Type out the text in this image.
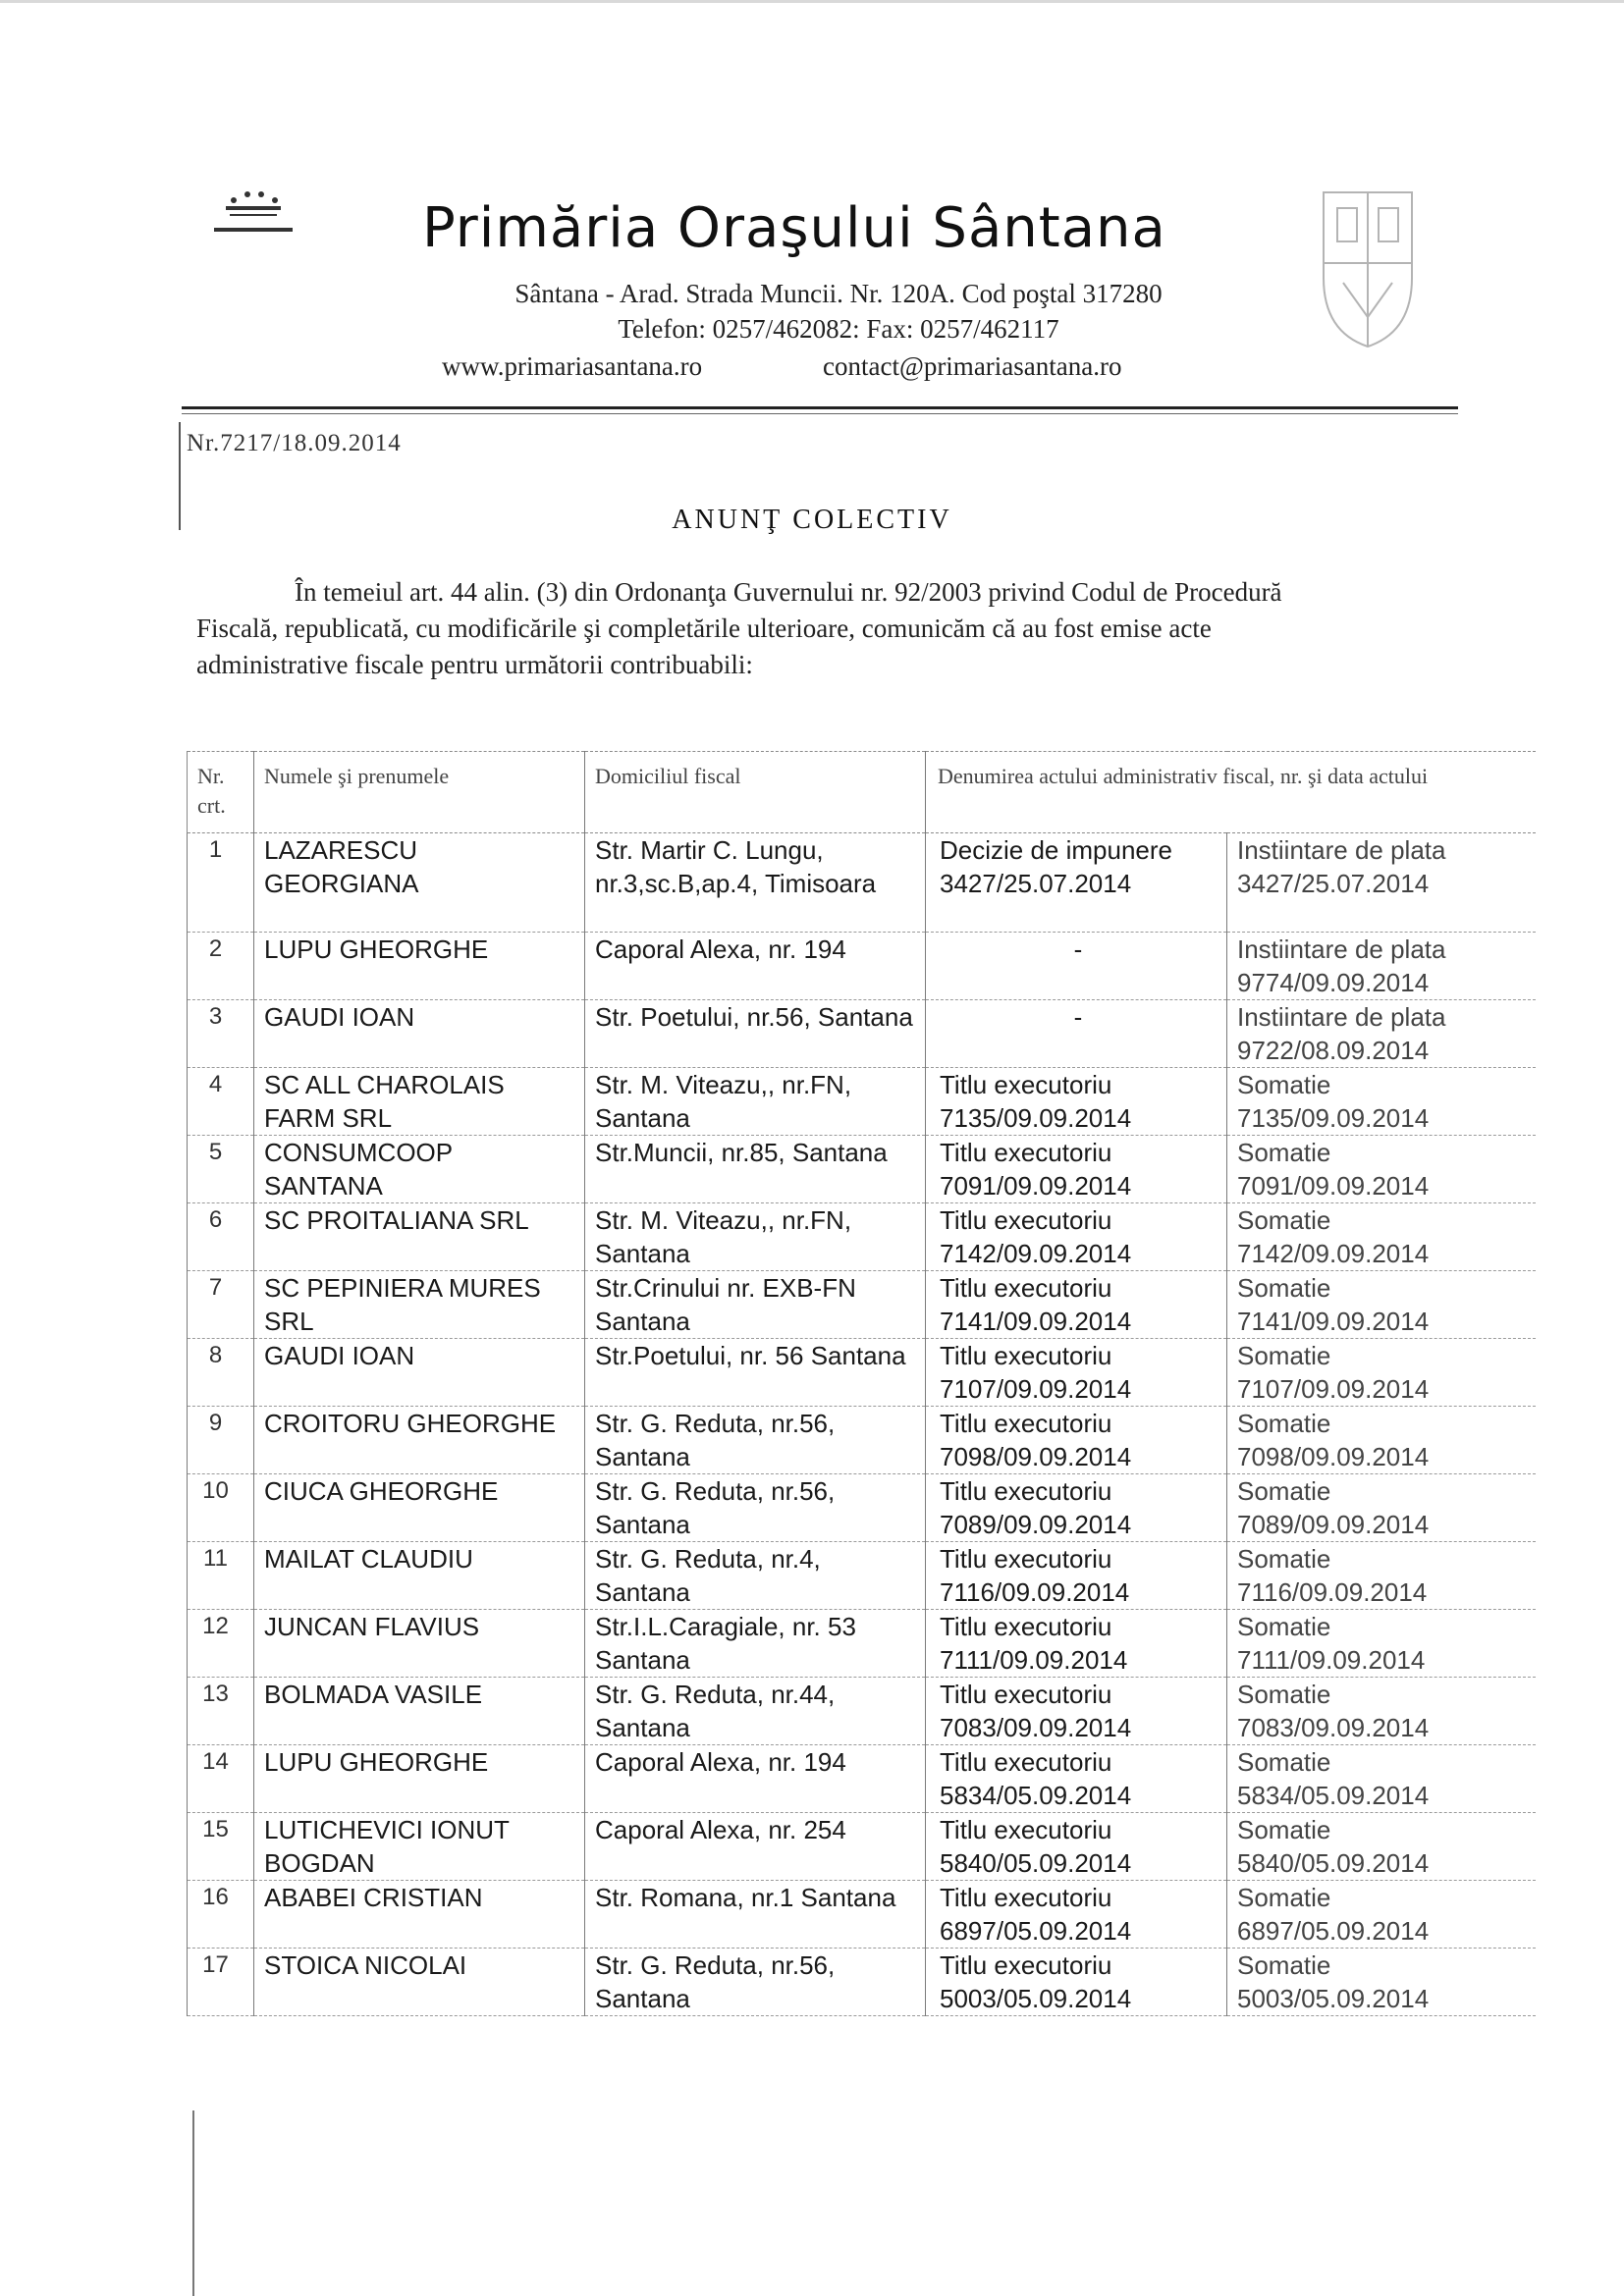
Primăria Oraşului Sântana
Sântana - Arad. Strada Muncii. Nr. 120A. Cod poştal 317280
Telefon: 0257/462082: Fax: 0257/462117
www.primariasantana.ro	contact@primariasantana.ro
Nr.7217/18.09.2014
ANUNŢ COLECTIV
În temeiul art. 44 alin. (3) din Ordonanţa Guvernului nr. 92/2003 privind Codul de Procedură
Fiscală, republicată, cu modificările şi completările ulterioare, comunicăm că au fost emise acte
administrative fiscale pentru următorii contribuabili:
Nr. crt.	Numele şi prenumele	Domiciliul fiscal	Denumirea actului administrativ fiscal, nr. şi data actului	
1	LAZARESCU GEORGIANA	Str. Martir C. Lungu, nr.3,sc.B,ap.4, Timisoara	Decizie de impunere 3427/25.07.2014	Instiintare de plata 3427/25.07.2014
2	LUPU GHEORGHE	Caporal Alexa, nr. 194	-	Instiintare de plata 9774/09.09.2014
3	GAUDI IOAN	Str. Poetului, nr.56, Santana	-	Instiintare de plata 9722/08.09.2014
4	SC ALL CHAROLAIS FARM SRL	Str. M. Viteazu,, nr.FN, Santana	Titlu executoriu 7135/09.09.2014	Somatie 7135/09.09.2014
5	CONSUMCOOP SANTANA	Str.Muncii, nr.85, Santana	Titlu executoriu 7091/09.09.2014	Somatie 7091/09.09.2014
6	SC PROITALIANA SRL	Str. M. Viteazu,, nr.FN, Santana	Titlu executoriu 7142/09.09.2014	Somatie 7142/09.09.2014
7	SC PEPINIERA MURES SRL	Str.Crinului nr. EXB-FN Santana	Titlu executoriu 7141/09.09.2014	Somatie 7141/09.09.2014
8	GAUDI IOAN	Str.Poetului, nr. 56 Santana	Titlu executoriu 7107/09.09.2014	Somatie 7107/09.09.2014
9	CROITORU GHEORGHE	Str. G. Reduta, nr.56, Santana	Titlu executoriu 7098/09.09.2014	Somatie 7098/09.09.2014
10	CIUCA GHEORGHE	Str. G. Reduta, nr.56, Santana	Titlu executoriu 7089/09.09.2014	Somatie 7089/09.09.2014
11	MAILAT CLAUDIU	Str. G. Reduta, nr.4, Santana	Titlu executoriu 7116/09.09.2014	Somatie 7116/09.09.2014
12	JUNCAN FLAVIUS	Str.I.L.Caragiale, nr. 53 Santana	Titlu executoriu 7111/09.09.2014	Somatie 7111/09.09.2014
13	BOLMADA VASILE	Str. G. Reduta, nr.44, Santana	Titlu executoriu 7083/09.09.2014	Somatie 7083/09.09.2014
14	LUPU GHEORGHE	Caporal Alexa, nr. 194	Titlu executoriu 5834/05.09.2014	Somatie 5834/05.09.2014
15	LUTICHEVICI IONUT BOGDAN	Caporal Alexa, nr. 254	Titlu executoriu 5840/05.09.2014	Somatie 5840/05.09.2014
16	ABABEI CRISTIAN	Str. Romana, nr.1 Santana	Titlu executoriu 6897/05.09.2014	Somatie 6897/05.09.2014
17	STOICA NICOLAI	Str. G. Reduta, nr.56, Santana	Titlu executoriu 5003/05.09.2014	Somatie 5003/05.09.2014
